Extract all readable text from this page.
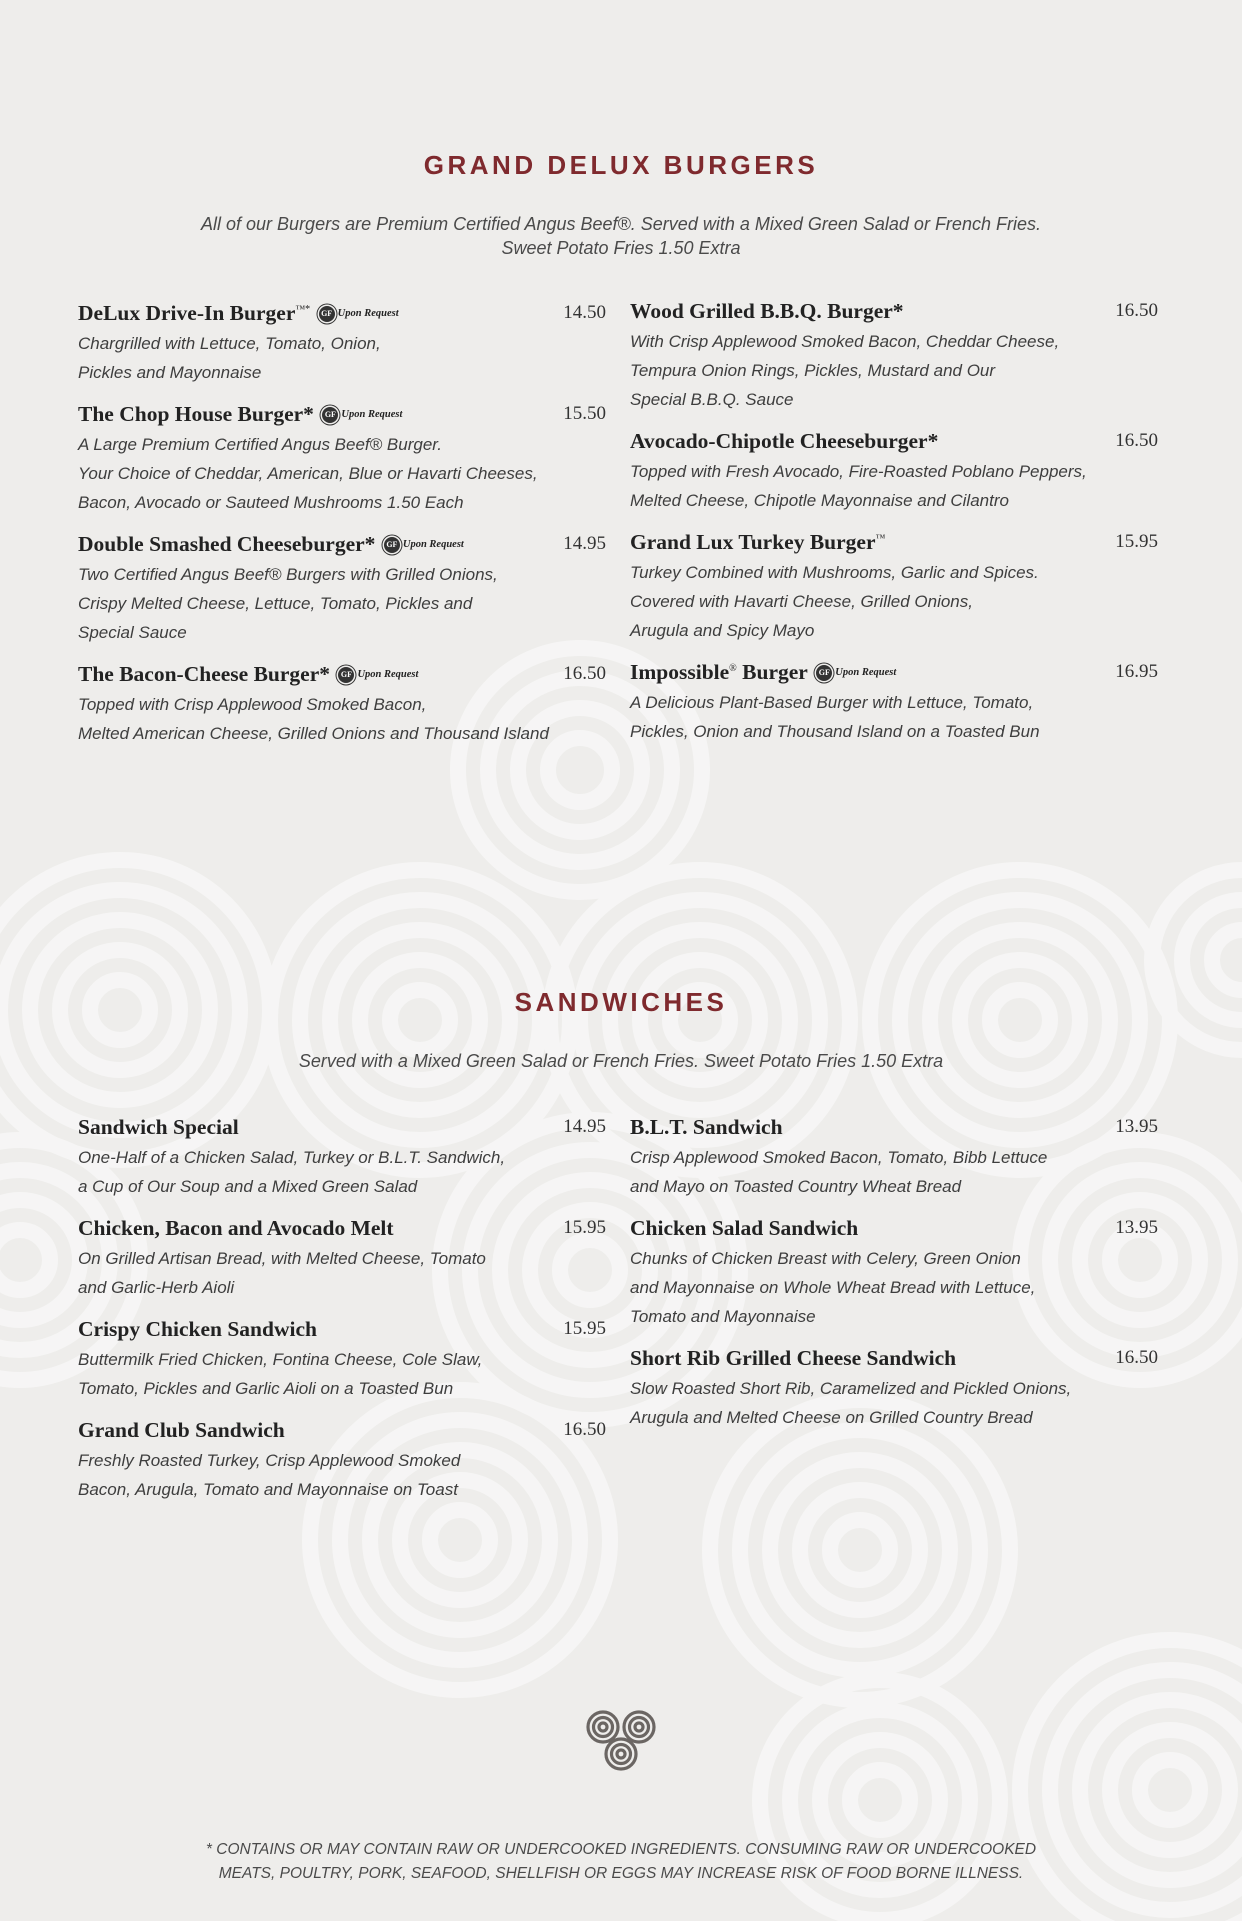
GRAND DELUX BURGERS
All of our Burgers are Premium Certified Angus Beef®. Served with a Mixed Green Salad or French Fries.
Sweet Potato Fries 1.50 Extra
DeLux Drive-In Burger™*	GF Upon Request	14.50
Chargrilled with Lettuce, Tomato, Onion,
Pickles and Mayonnaise
The Chop House Burger*	GF Upon Request	15.50
A Large Premium Certified Angus Beef® Burger.
Your Choice of Cheddar, American, Blue or Havarti Cheeses,
Bacon, Avocado or Sauteed Mushrooms 1.50 Each
Double Smashed Cheeseburger*	GF Upon Request	14.95
Two Certified Angus Beef® Burgers with Grilled Onions,
Crispy Melted Cheese, Lettuce, Tomato, Pickles and
Special Sauce
The Bacon-Cheese Burger*	GF Upon Request	16.50
Topped with Crisp Applewood Smoked Bacon,
Melted American Cheese, Grilled Onions and Thousand Island
Wood Grilled B.B.Q. Burger*	16.50
With Crisp Applewood Smoked Bacon, Cheddar Cheese,
Tempura Onion Rings, Pickles, Mustard and Our
Special B.B.Q. Sauce
Avocado-Chipotle Cheeseburger*	16.50
Topped with Fresh Avocado, Fire-Roasted Poblano Peppers,
Melted Cheese, Chipotle Mayonnaise and Cilantro
Grand Lux Turkey Burger™	15.95
Turkey Combined with Mushrooms, Garlic and Spices.
Covered with Havarti Cheese, Grilled Onions,
Arugula and Spicy Mayo
Impossible® Burger	GF Upon Request	16.95
A Delicious Plant-Based Burger with Lettuce, Tomato,
Pickles, Onion and Thousand Island on a Toasted Bun
SANDWICHES
Served with a Mixed Green Salad or French Fries. Sweet Potato Fries 1.50 Extra
Sandwich Special	14.95
One-Half of a Chicken Salad, Turkey or B.L.T. Sandwich,
a Cup of Our Soup and a Mixed Green Salad
Chicken, Bacon and Avocado Melt	15.95
On Grilled Artisan Bread, with Melted Cheese, Tomato
and Garlic-Herb Aioli
Crispy Chicken Sandwich	15.95
Buttermilk Fried Chicken, Fontina Cheese, Cole Slaw,
Tomato, Pickles and Garlic Aioli on a Toasted Bun
Grand Club Sandwich	16.50
Freshly Roasted Turkey, Crisp Applewood Smoked
Bacon, Arugula, Tomato and Mayonnaise on Toast
B.L.T. Sandwich	13.95
Crisp Applewood Smoked Bacon, Tomato, Bibb Lettuce
and Mayo on Toasted Country Wheat Bread
Chicken Salad Sandwich	13.95
Chunks of Chicken Breast with Celery, Green Onion
and Mayonnaise on Whole Wheat Bread with Lettuce,
Tomato and Mayonnaise
Short Rib Grilled Cheese Sandwich	16.50
Slow Roasted Short Rib, Caramelized and Pickled Onions,
Arugula and Melted Cheese on Grilled Country Bread
* CONTAINS OR MAY CONTAIN RAW OR UNDERCOOKED INGREDIENTS. CONSUMING RAW OR UNDERCOOKED
MEATS, POULTRY, PORK, SEAFOOD, SHELLFISH OR EGGS MAY INCREASE RISK OF FOOD BORNE ILLNESS.
